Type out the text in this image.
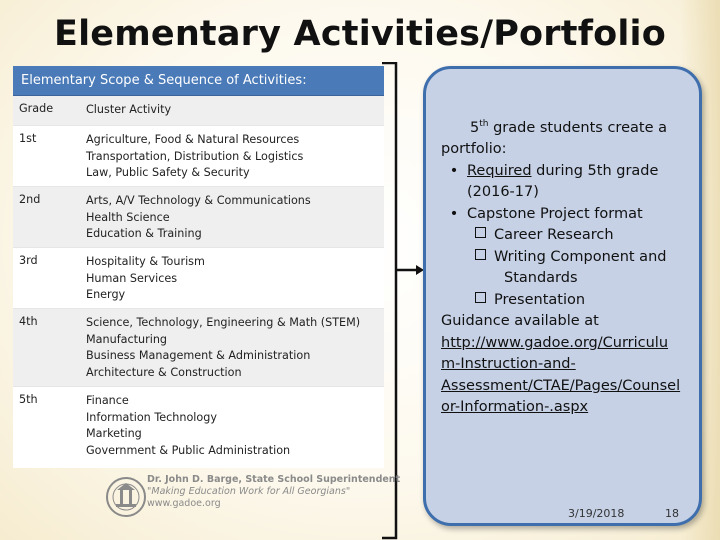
Elementary Activities/Portfolio
Elementary Scope & Sequence of Activities:
Grade	Cluster Activity
1st	Agriculture, Food & Natural Resources
Transportation, Distribution & Logistics
Law, Public Safety & Security
2nd	Arts, A/V Technology & Communications
Health Science
Education & Training
3rd	Hospitality & Tourism
Human Services
Energy
4th	Science, Technology, Engineering & Math (STEM)
Manufacturing
Business Management & Administration
Architecture & Construction
5th	Finance
Information Technology
Marketing
Government & Public Administration
5th grade students create a
portfolio:
• Required during 5th grade
(2016-17)
• Capstone Project format
Career Research
Writing Component and
Standards
Presentation
Guidance available at
http://www.gadoe.org/Curriculu
m-Instruction-and-
Assessment/CTAE/Pages/Counsel
or-Information-.aspx
3/19/2018	18
Dr. John D. Barge, State School Superintendent
"Making Education Work for All Georgians"
www.gadoe.org
